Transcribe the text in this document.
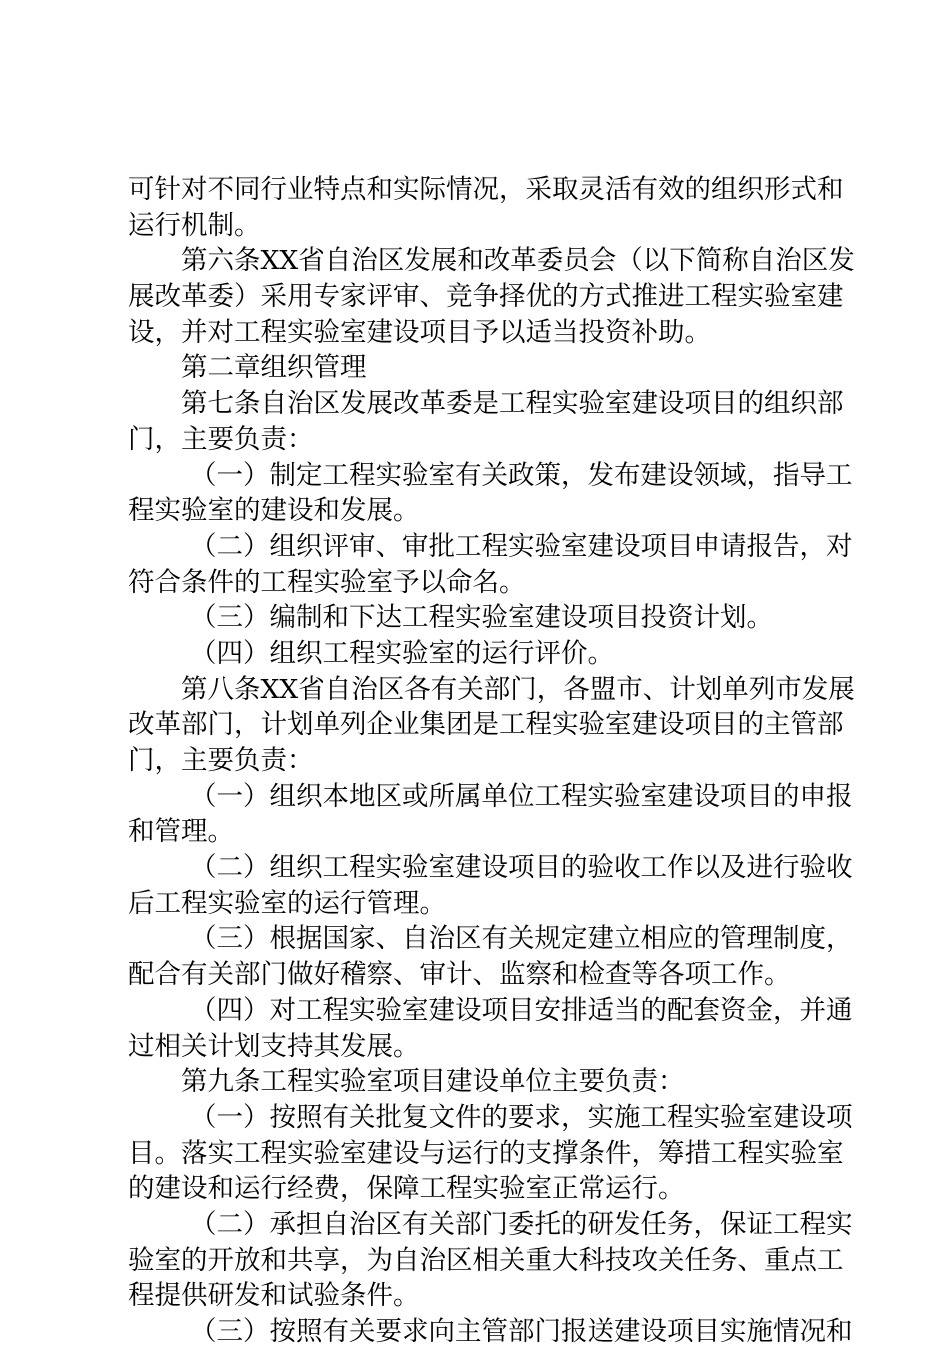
可针对不同行业特点和实际情况，采取灵活有效的组织形式和
运行机制。
第六条XX省自治区发展和改革委员会（以下简称自治区发
展改革委）采用专家评审、竞争择优的方式推进工程实验室建
设，并对工程实验室建设项目予以适当投资补助。
第二章组织管理
第七条自治区发展改革委是工程实验室建设项目的组织部
门，主要负责：
（一）制定工程实验室有关政策，发布建设领域，指导工
程实验室的建设和发展。
（二）组织评审、审批工程实验室建设项目申请报告，对
符合条件的工程实验室予以命名。
（三）编制和下达工程实验室建设项目投资计划。
（四）组织工程实验室的运行评价。
第八条XX省自治区各有关部门，各盟市、计划单列市发展
改革部门，计划单列企业集团是工程实验室建设项目的主管部
门，主要负责：
（一）组织本地区或所属单位工程实验室建设项目的申报
和管理。
（二）组织工程实验室建设项目的验收工作以及进行验收
后工程实验室的运行管理。
（三）根据国家、自治区有关规定建立相应的管理制度，
配合有关部门做好稽察、审计、监察和检查等各项工作。
（四）对工程实验室建设项目安排适当的配套资金，并通
过相关计划支持其发展。
第九条工程实验室项目建设单位主要负责：
（一）按照有关批复文件的要求，实施工程实验室建设项
目。落实工程实验室建设与运行的支撑条件，筹措工程实验室
的建设和运行经费，保障工程实验室正常运行。
（二）承担自治区有关部门委托的研发任务，保证工程实
验室的开放和共享，为自治区相关重大科技攻关任务、重点工
程提供研发和试验条件。
（三）按照有关要求向主管部门报送建设项目实施情况和
